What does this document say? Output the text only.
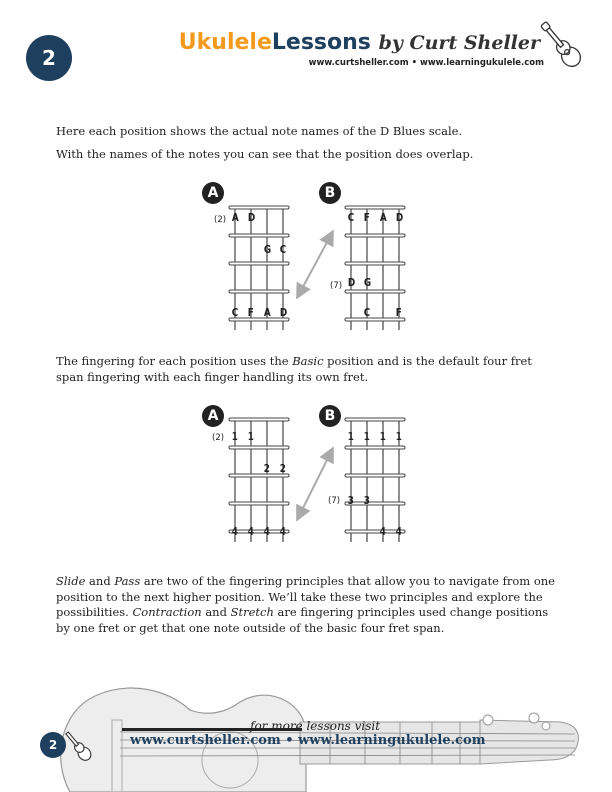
2
UkuleleLessons by Curt Sheller
www.curtsheller.com • www.learningukulele.com
Here each position shows the actual note names of the D Blues scale.
With the names of the notes you can see that the position does overlap.
A	B
(2)
(7)
A D
G C
C F A D
C F A D
D G
C F
The fingering for each position uses the Basic position and is the default four fret span fingering with each finger handling its own fret.
A	B
(2)
(7)
1 1
2 2
4 4 4 4
1 1 1 1
3 3
4 4
Slide and Pass are two of the fingering principles that allow you to navigate from one position to the next higher position. We’ll take these two principles and explore the possibilities. Contraction and Stretch are fingering principles used change positions by one fret or get that one note outside of the basic four fret span.
for more lessons visit
www.curtsheller.com • www.learningukulele.com
2
